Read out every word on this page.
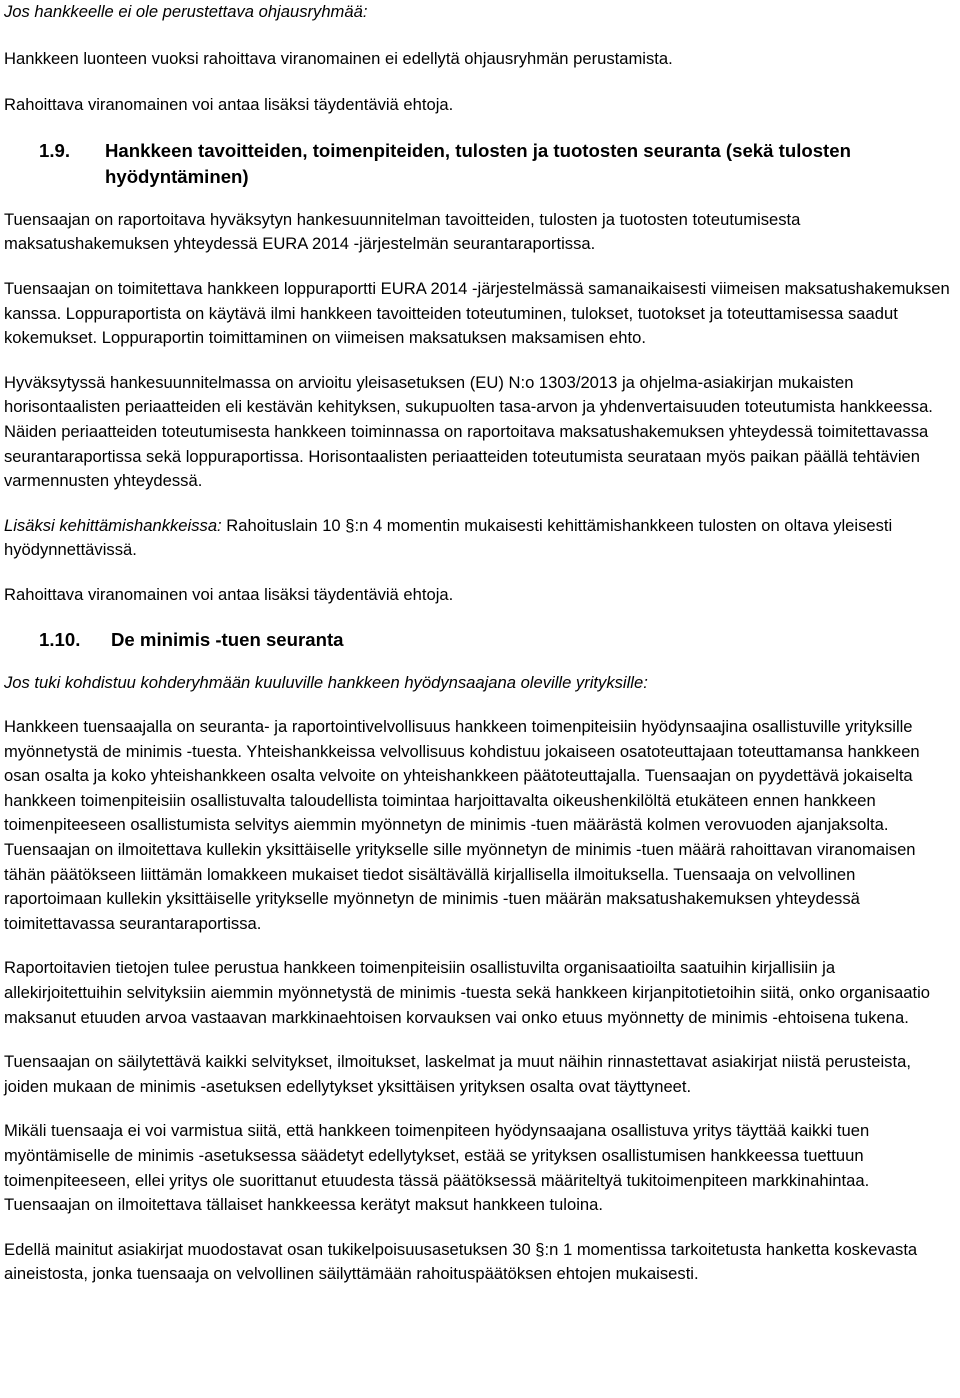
Jos hankkeelle ei ole perustettava ohjausryhmää:

Hankkeen luonteen vuoksi rahoittava viranomainen ei edellytä ohjausryhmän perustamista.

Rahoittava viranomainen voi antaa lisäksi täydentäviä ehtoja.

1.9.	Hankkeen tavoitteiden, toimenpiteiden, tulosten ja tuotosten seuranta (sekä tulosten hyödyntäminen)

Tuensaajan on raportoitava hyväksytyn hankesuunnitelman tavoitteiden, tulosten ja tuotosten toteutumisesta maksatushakemuksen yhteydessä EURA 2014 -järjestelmän seurantaraportissa.

Tuensaajan on toimitettava hankkeen loppuraportti EURA 2014 -järjestelmässä samanaikaisesti viimeisen maksatushakemuksen kanssa. Loppuraportista on käytävä ilmi hankkeen tavoitteiden toteutuminen, tulokset, tuotokset ja toteuttamisessa saadut kokemukset. Loppuraportin toimittaminen on viimeisen maksatuksen maksamisen ehto.

Hyväksytyssä hankesuunnitelmassa on arvioitu yleisasetuksen (EU) N:o 1303/2013 ja ohjelma-asiakirjan mukaisten horisontaalisten periaatteiden eli kestävän kehityksen, sukupuolten tasa-arvon ja yhdenvertaisuuden toteutumista hankkeessa. Näiden periaatteiden toteutumisesta hankkeen toiminnassa on raportoitava maksatushakemuksen yhteydessä toimitettavassa seurantaraportissa sekä loppuraportissa. Horisontaalisten periaatteiden toteutumista seurataan myös paikan päällä tehtävien varmennusten yhteydessä.

Lisäksi kehittämishankkeissa: Rahoituslain 10 §:n 4 momentin mukaisesti kehittämishankkeen tulosten on oltava yleisesti hyödynnettävissä.

Rahoittava viranomainen voi antaa lisäksi täydentäviä ehtoja.

1.10.	De minimis -tuen seuranta

Jos tuki kohdistuu kohderyhmään kuuluville hankkeen hyödynsaajana oleville yrityksille:

Hankkeen tuensaajalla on seuranta- ja raportointivelvollisuus hankkeen toimenpiteisiin hyödynsaajina osallistuville yrityksille myönnetystä de minimis -tuesta. Yhteishankkeissa velvollisuus kohdistuu jokaiseen osatoteuttajaan toteuttamansa hankkeen osan osalta ja koko yhteishankkeen osalta velvoite on yhteishankkeen päätoteuttajalla. Tuensaajan on pyydettävä jokaiselta hankkeen toimenpiteisiin osallistuvalta taloudellista toimintaa harjoittavalta oikeushenkilöltä etukäteen ennen hankkeen toimenpiteeseen osallistumista selvitys aiemmin myönnetyn de minimis -tuen määrästä kolmen verovuoden ajanjaksolta. Tuensaajan on ilmoitettava kullekin yksittäiselle yritykselle sille myönnetyn de minimis -tuen määrä rahoittavan viranomaisen tähän päätökseen liittämän lomakkeen mukaiset tiedot sisältävällä kirjallisella ilmoituksella. Tuensaaja on velvollinen raportoimaan kullekin yksittäiselle yritykselle myönnetyn de minimis -tuen määrän maksatushakemuksen yhteydessä toimitettavassa seurantaraportissa.

Raportoitavien tietojen tulee perustua hankkeen toimenpiteisiin osallistuvilta organisaatioilta saatuihin kirjallisiin ja allekirjoitettuihin selvityksiin aiemmin myönnetystä de minimis -tuesta sekä hankkeen kirjanpitotietoihin siitä, onko organisaatio maksanut etuuden arvoa vastaavan markkinaehtoisen korvauksen vai onko etuus myönnetty de minimis -ehtoisena tukena.

Tuensaajan on säilytettävä kaikki selvitykset, ilmoitukset, laskelmat ja muut näihin rinnastettavat asiakirjat niistä perusteista, joiden mukaan de minimis -asetuksen edellytykset yksittäisen yrityksen osalta ovat täyttyneet.

Mikäli tuensaaja ei voi varmistua siitä, että hankkeen toimenpiteen hyödynsaajana osallistuva yritys täyttää kaikki tuen myöntämiselle de minimis -asetuksessa säädetyt edellytykset, estää se yrityksen osallistumisen hankkeessa tuettuun toimenpiteeseen, ellei yritys ole suorittanut etuudesta tässä päätöksessä määriteltyä tukitoimenpiteen markkinahintaa. Tuensaajan on ilmoitettava tällaiset hankkeessa kerätyt maksut hankkeen tuloina.

Edellä mainitut asiakirjat muodostavat osan tukikelpoisuusasetuksen 30 §:n 1 momentissa tarkoitetusta hanketta koskevasta aineistosta, jonka tuensaaja on velvollinen säilyttämään rahoituspäätöksen ehtojen mukaisesti.
